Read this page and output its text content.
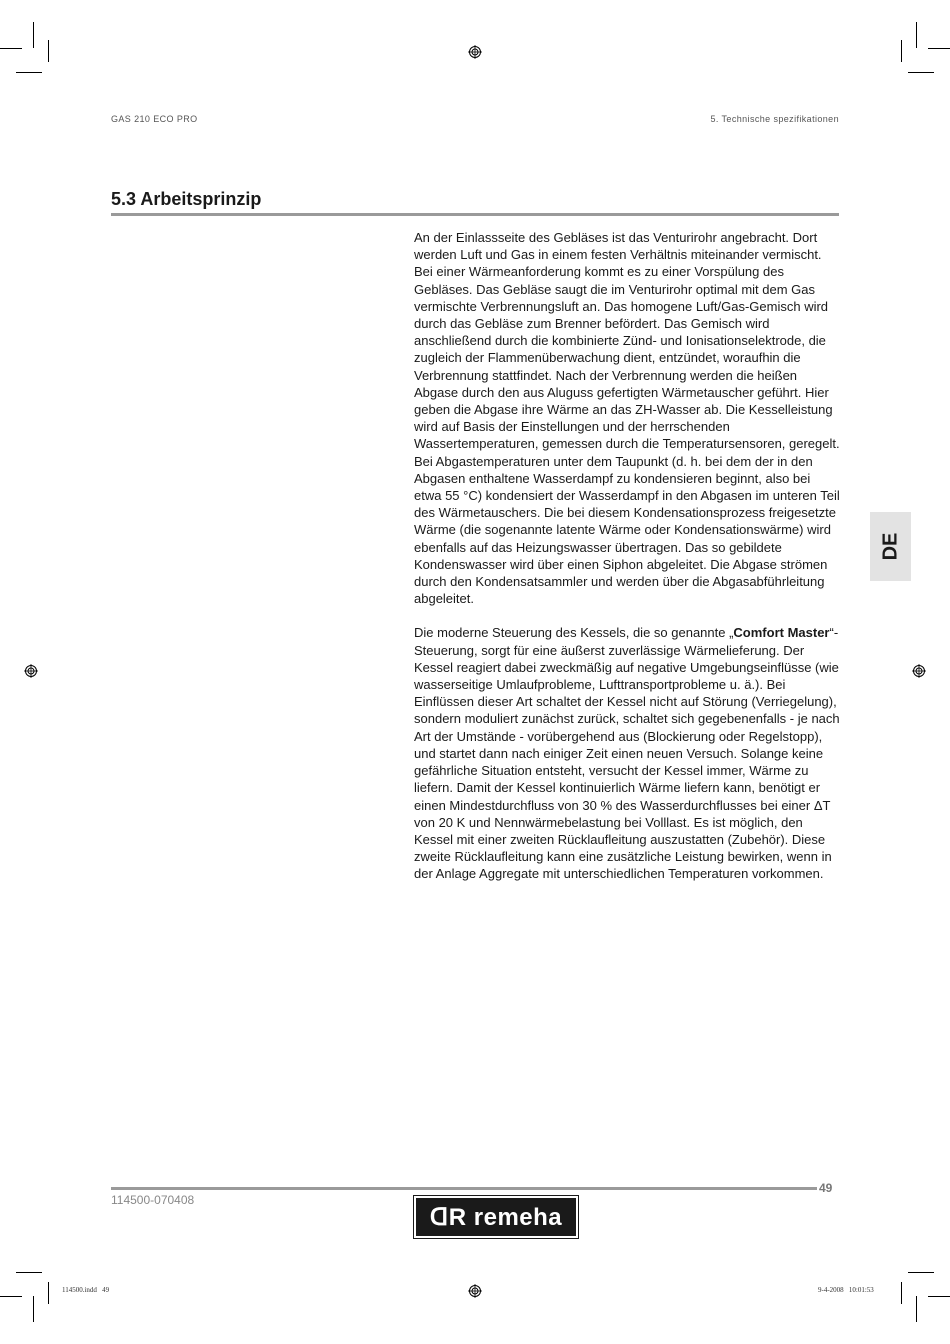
GAS 210 ECO PRO	5. Technische spezifikationen
5.3 Arbeitsprinzip

An der Einlassseite des Gebläses ist das Venturirohr angebracht. Dort werden Luft und Gas in einem festen Verhältnis miteinander vermischt. Bei einer Wärmeanforderung kommt es zu einer Vorspülung des Gebläses. Das Gebläse saugt die im Venturirohr optimal mit dem Gas vermischte Verbrennungsluft an. Das homogene Luft/Gas-Gemisch wird durch das Gebläse zum Brenner befördert. Das Gemisch wird anschließend durch die kombinierte Zünd- und Ionisationselektrode, die zugleich der Flammenüberwachung dient, entzündet, woraufhin die Verbrennung stattfindet. Nach der Verbrennung werden die heißen Abgase durch den aus Aluguss gefertigten Wärmetauscher geführt. Hier geben die Abgase ihre Wärme an das ZH-Wasser ab. Die Kesselleistung wird auf Basis der Einstellungen und der herrschenden Wassertemperaturen, gemessen durch die Temperatursensoren, geregelt.

Bei Abgastemperaturen unter dem Taupunkt (d. h. bei dem der in den Abgasen enthaltene Wasserdampf zu kondensieren beginnt, also bei etwa 55 °C) kondensiert der Wasserdampf in den Abgasen im unteren Teil des Wärmetauschers. Die bei diesem Kondensationsprozess freigesetzte Wärme (die sogenannte latente Wärme oder Kondensationswärme) wird ebenfalls auf das Heizungswasser übertragen. Das so gebildete Kondenswasser wird über einen Siphon abgeleitet. Die Abgase strömen durch den Kondensatsammler und werden über die Abgasabführleitung abgeleitet.

Die moderne Steuerung des Kessels, die so genannte „Comfort Master“-Steuerung, sorgt für eine äußerst zuverlässige Wärmelieferung. Der Kessel reagiert dabei zweckmäßig auf negative Umgebungseinflüsse (wie wasserseitige Umlaufprobleme, Lufttransportprobleme u. ä.). Bei Einflüssen dieser Art schaltet der Kessel nicht auf Störung (Verriegelung), sondern moduliert zunächst zurück, schaltet sich gegebenenfalls - je nach Art der Umstände - vorübergehend aus (Blockierung oder Regelstopp), und startet dann nach einiger Zeit einen neuen Versuch. Solange keine gefährliche Situation entsteht, versucht der Kessel immer, Wärme zu liefern. Damit der Kessel kontinuierlich Wärme liefern kann, benötigt er einen Mindestdurchfluss von 30 % des Wasserdurchflusses bei einer ΔT von 20 K und Nennwärmebelastung bei Volllast. Es ist möglich, den Kessel mit einer zweiten Rücklaufleitung auszustatten (Zubehör). Diese zweite Rücklaufleitung kann eine zusätzliche Leistung bewirken, wenn in der Anlage Aggregate mit unterschiedlichen Temperaturen vorkommen.

DE
49
114500-070408
ꓷR remeha
114500.indd   49	9-4-2008   10:01:53
